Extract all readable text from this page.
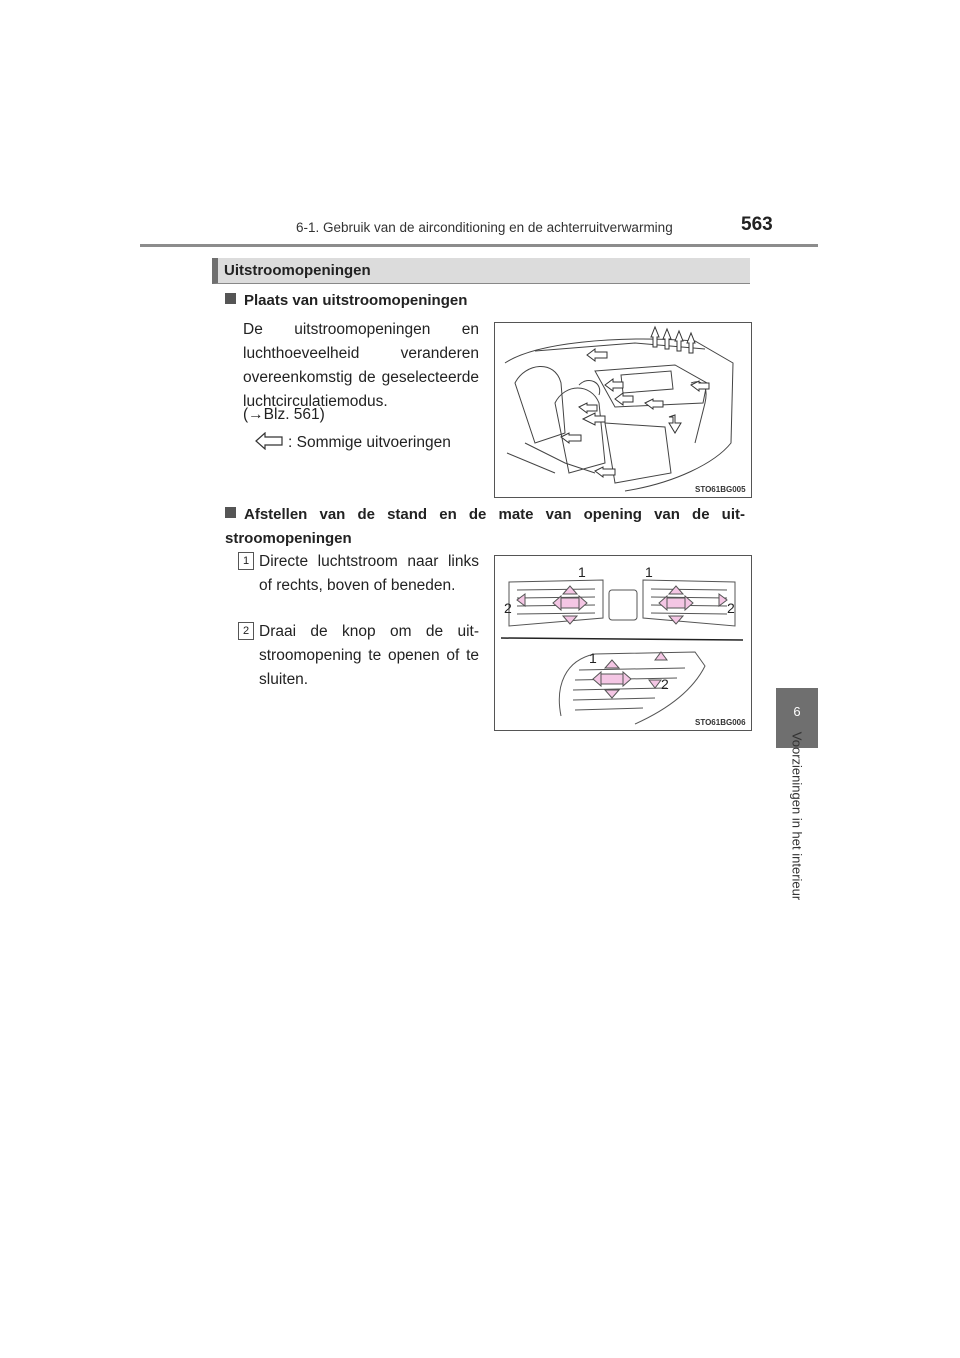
6-1. Gebruik van de airconditioning en de achterruitverwarming	563
6
Voorzieningen in het interieur
Uitstroomopeningen
Plaats van uitstroomopeningen
De uitstroomopeningen en luchthoeveelheid veranderen overeenkomstig de geselecteerde luchtcirculatiemodus.
(→Blz. 561)
: Sommige uitvoeringen
STO61BG005
Afstellen van de stand en de mate van opening van de uitstroomopeningen
1 Directe luchtstroom naar links of rechts, boven of beneden.
2 Draai de knop om de uitstroomopening te openen of te sluiten.
1	1
2	2
1
2
STO61BG006
